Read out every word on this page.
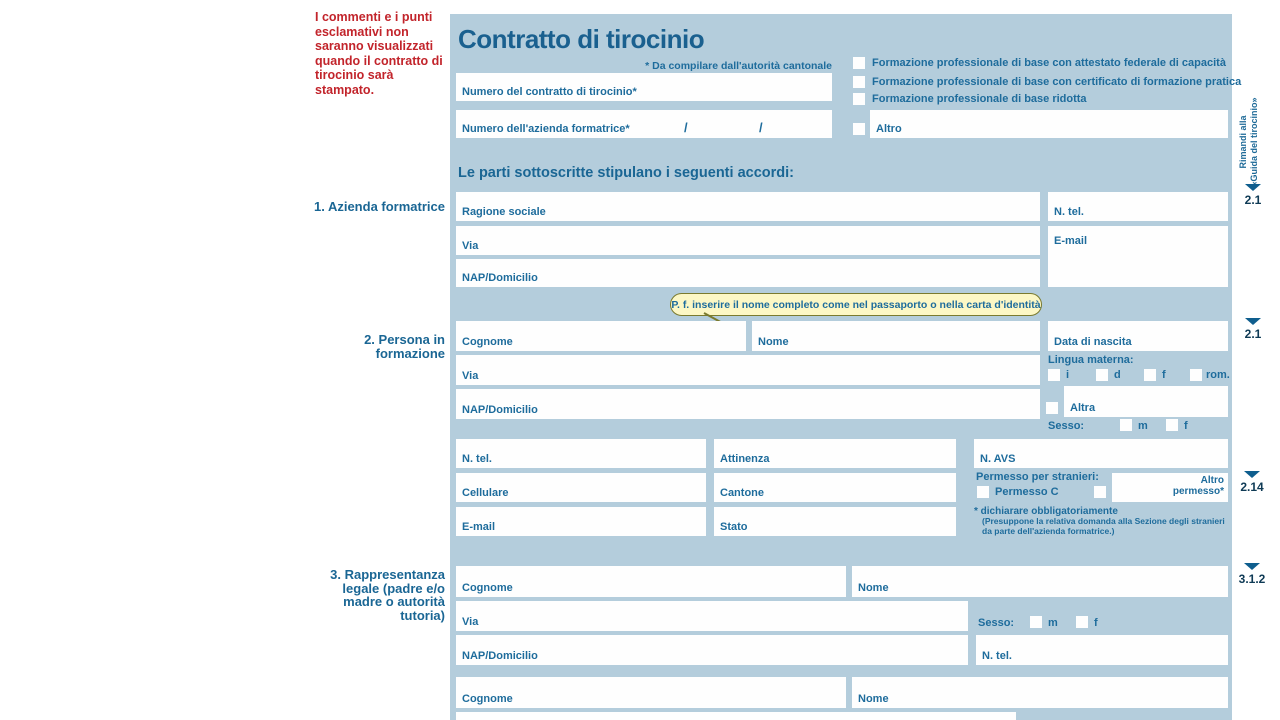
I commenti e i punti esclamativi non saranno visualizzati quando il contratto di tirocinio sarà stampato.
Contratto di tirocinio
* Da compilare dall'autorità cantonale
Numero del contratto di tirocinio*
Numero dell'azienda formatrice*	/	/
Formazione professionale di base con attestato federale di capacità
Formazione professionale di base con certificato di formazione pratica
Formazione professionale di base ridotta
Altro
Le parti sottoscritte stipulano i seguenti accordi:
1. Azienda formatrice Ragione sociale	N. tel.
Via	E-mail
NAP/Domicilio
P. f. inserire il nome completo come nel passaporto o nella carta d'identità
2. Persona in formazione
Cognome	Nome	Data di nascita
Via
NAP/Domicilio
Lingua materna:
i	d	f	rom.
Altra
Sesso:	m	f
N. tel.	Attinenza	N. AVS
Cellulare	Cantone
Permesso per stranieri:
Permesso C
Altro
permesso*
E-mail	Stato
* dichiarare obbligatoriamente
(Presuppone la relativa domanda alla Sezione degli stranieri da parte dell'azienda formatrice.)
3. Rappresentanza legale (padre e/o madre o autorità tutoria)
Cognome	Nome
Via	Sesso:	m	f
NAP/Domicilio	N. tel.
Cognome	Nome
Rimandi alla «Guida del tirocinio»
2.1
2.1
2.14
3.1.2
